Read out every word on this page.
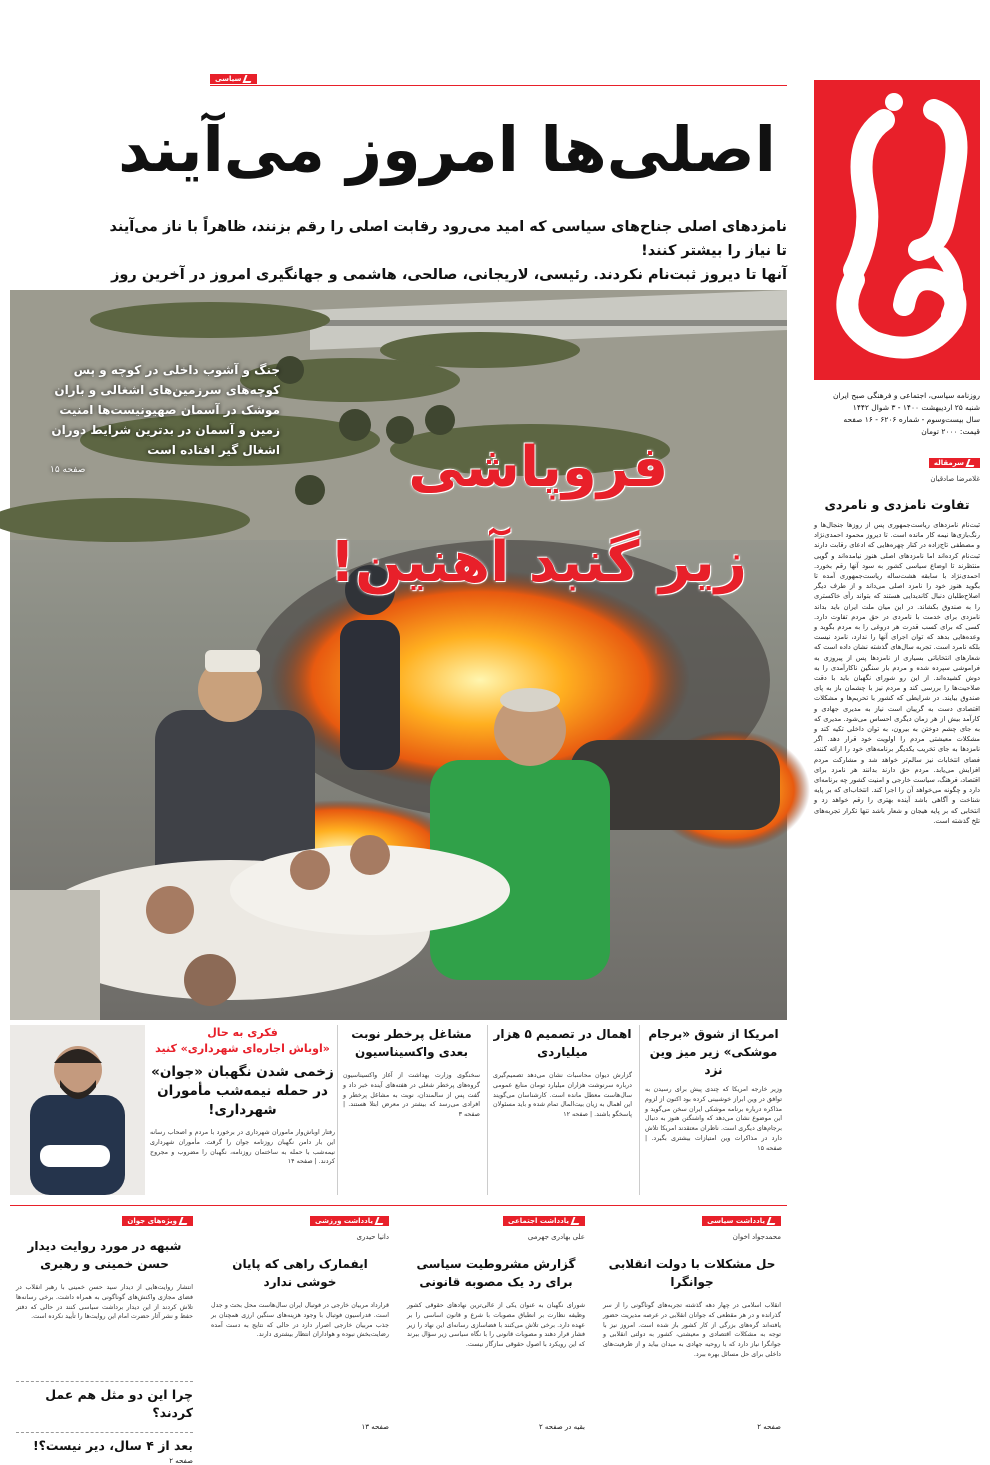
روزنامه سیاسی، اجتماعی و فرهنگی صبح ایران
شنبه ۲۵ اردیبهشت ۱۴۰۰ - ۳ شوال ۱۴۴۲
سال بیست‌وسوم - شماره ۶۲۰۶ - ۱۶ صفحه
قیمت: ۲۰۰۰ تومان
سرمقاله
غلامرضا صادقیان
تفاوت نامزدی و نامردی
ثبت‌نام نامزدهای ریاست‌جمهوری پس از روزها جنجال‌ها و رنگ‌بازی‌ها نیمه کار مانده است. تا دیروز محمود احمدی‌نژاد و مصطفی تاج‌زاده در کنار چهره‌هایی که ادعای رقابت دارند ثبت‌نام کرده‌اند اما نامزدهای اصلی هنوز نیامده‌اند و گویی منتظرند تا اوضاع سیاسی کشور به سود آنها رقم بخورد. احمدی‌نژاد با سابقه هشت‌ساله ریاست‌جمهوری آمده تا بگوید هنوز خود را نامزد اصلی می‌داند و از طرف دیگر اصلاح‌طلبان دنبال کاندیدایی هستند که بتواند رأی خاکستری را به صندوق بکشاند. در این میان ملت ایران باید بداند نامزدی برای خدمت با نامردی در حق مردم تفاوت دارد. کسی که برای کسب قدرت هر دروغی را به مردم بگوید و وعده‌هایی بدهد که توان اجرای آنها را ندارد، نامزد نیست بلکه نامرد است. تجربه سال‌های گذشته نشان داده است که شعارهای انتخاباتی بسیاری از نامزدها پس از پیروزی به فراموشی سپرده شده و مردم بار سنگین ناکارآمدی را به دوش کشیده‌اند. از این رو شورای نگهبان باید با دقت صلاحیت‌ها را بررسی کند و مردم نیز با چشمان باز به پای صندوق بیایند. در شرایطی که کشور با تحریم‌ها و مشکلات اقتصادی دست به گریبان است نیاز به مدیری جهادی و کارآمد بیش از هر زمان دیگری احساس می‌شود. مدیری که به جای چشم دوختن به بیرون، به توان داخلی تکیه کند و مشکلات معیشتی مردم را اولویت خود قرار دهد. اگر نامزدها به جای تخریب یکدیگر برنامه‌های خود را ارائه کنند، فضای انتخابات نیز سالم‌تر خواهد شد و مشارکت مردم افزایش می‌یابد. مردم حق دارند بدانند هر نامزد برای اقتصاد، فرهنگ، سیاست خارجی و امنیت کشور چه برنامه‌ای دارد و چگونه می‌خواهد آن را اجرا کند. انتخاب‌ای که بر پایه شناخت و آگاهی باشد آینده بهتری را رقم خواهد زد و انتخابی که بر پایه هیجان و شعار باشد تنها تکرار تجربه‌های تلخ گذشته است.
سیاسی
اصلی‌ها امروز می‌آیند
نامزدهای اصلی جناح‌های سیاسی که امید می‌رود رقابت اصلی را رقم بزنند، ظاهراً با ناز می‌آیند تا نیاز را بیشتر کنند!
آنها تا دیروز ثبت‌نام نکردند. رئیسی، لاریجانی، صالحی، هاشمی و جهانگیری امروز در آخرین روز
فروپاشی
زیر گنبد آهنین!
جنگ و آشوب داخلی در کوچه و پس کوچه‌های سرزمین‌های اشغالی و باران موشک در آسمان صهیونیست‌ها امنیت زمین و آسمان در بدترین شرایط دوران اشغال گیر افتاده است
صفحه ۱۵
امریکا از شوق «برجام موشکی» زیر میز وین نزد
وزیر خارجه امریکا که چندی پیش برای رسیدن به توافق در وین ابراز خوشبینی کرده بود اکنون از لزوم مذاکره درباره برنامه موشکی ایران سخن می‌گوید و این موضوع نشان می‌دهد که واشنگتن هنوز به دنبال برجام‌های دیگری است. ناظران معتقدند امریکا تلاش دارد در مذاکرات وین امتیازات بیشتری بگیرد. | صفحه ۱۵
اهمال در تصمیم ۵ هزار میلیاردی
گزارش دیوان محاسبات نشان می‌دهد تصمیم‌گیری درباره سرنوشت هزاران میلیارد تومان منابع عمومی سال‌هاست معطل مانده است. کارشناسان می‌گویند این اهمال به زیان بیت‌المال تمام شده و باید مسئولان پاسخگو باشند. | صفحه ۱۲
مشاغل پرخطر نوبت بعدی واکسیناسیون
سخنگوی وزارت بهداشت از آغاز واکسیناسیون گروه‌های پرخطر شغلی در هفته‌های آینده خبر داد و گفت پس از سالمندان، نوبت به مشاغل پرخطر و افرادی می‌رسد که بیشتر در معرض ابتلا هستند. | صفحه ۳
فکری به حال
«اوباش اجاره‌ای شهرداری» کنید
زخمی شدن نگهبان «جوان» در حمله نیمه‌شب مأموران شهرداری!
رفتار اوباش‌وار ماموران شهرداری در برخورد با مردم و اصحاب رسانه این بار دامن نگهبان روزنامه جوان را گرفت. مأموران شهرداری نیمه‌شب با حمله به ساختمان روزنامه، نگهبان را مضروب و مجروح کردند. | صفحه ۱۴
یادداشت سیاسی
محمدجواد اخوان
حل مشکلات با دولت انقلابی جوانگرا
انقلاب اسلامی در چهار دهه گذشته تجربه‌های گوناگونی را از سر گذرانده و در هر مقطعی که جوانان انقلابی در عرصه مدیریت حضور یافته‌اند گره‌های بزرگی از کار کشور باز شده است. امروز نیز با توجه به مشکلات اقتصادی و معیشتی، کشور به دولتی انقلابی و جوانگرا نیاز دارد که با روحیه جهادی به میدان بیاید و از ظرفیت‌های داخلی برای حل مسائل بهره ببرد.
صفحه ۲
یادداشت اجتماعی
علی بهادری جهرمی
گزارش مشروطیت سیاسی برای رد یک مصوبه قانونی
شورای نگهبان به عنوان یکی از عالی‌ترین نهادهای حقوقی کشور وظیفه نظارت بر انطباق مصوبات با شرع و قانون اساسی را بر عهده دارد. برخی تلاش می‌کنند با فضاسازی رسانه‌ای این نهاد را زیر فشار قرار دهند و مصوبات قانونی را با نگاه سیاسی زیر سؤال ببرند که این رویکرد با اصول حقوقی سازگار نیست.
بقیه در صفحه ۲
یادداشت ورزشی
دانیا حیدری
ایفمارک راهی که پایان خوشی ندارد
قرارداد مربیان خارجی در فوتبال ایران سال‌هاست محل بحث و جدل است. فدراسیون فوتبال با وجود هزینه‌های سنگین ارزی همچنان بر جذب مربیان خارجی اصرار دارد در حالی که نتایج به دست آمده رضایت‌بخش نبوده و هواداران انتظار بیشتری دارند.
صفحه ۱۳
ویژه‌های جوان
شبهه در مورد روایت دیدار حسن خمینی و رهبری
انتشار روایت‌هایی از دیدار سید حسن خمینی با رهبر انقلاب در فضای مجازی واکنش‌های گوناگونی به همراه داشت. برخی رسانه‌ها تلاش کردند از این دیدار برداشت سیاسی کنند در حالی که دفتر حفظ و نشر آثار حضرت امام این روایت‌ها را تأیید نکرده است.
چرا این دو مثل هم عمل کردند؟
بعد از ۴ سال، دیر نیست؟!
صفحه ۲
